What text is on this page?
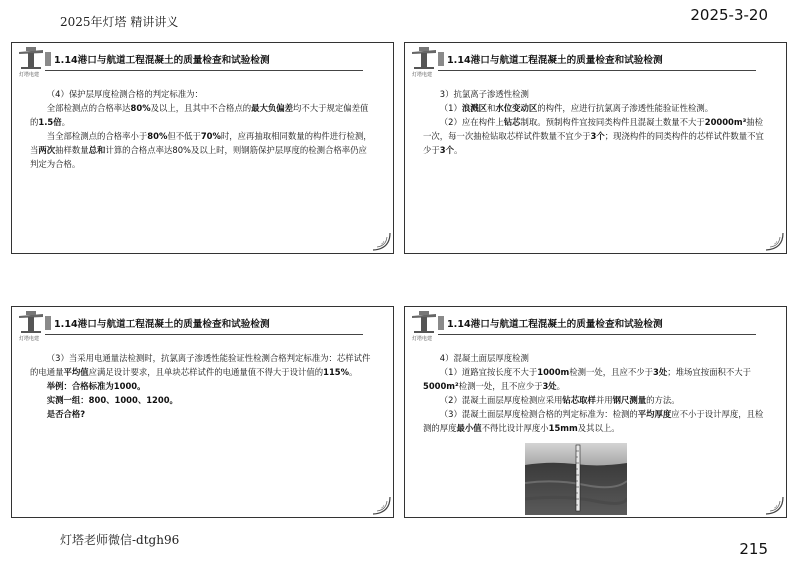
2025年灯塔 精讲讲义	2025-3-20
灯塔电建
1.14港口与航道工程混凝土的质量检查和试验检测

（4）保护层厚度检测合格的判定标准为：

全部检测点的合格率达80%及以上，且其中不合格点的最大负偏差均不大于规定偏差值的1.5倍。

当全部检测点的合格率小于80%但不低于70%时，应再抽取相同数量的构件进行检测，当两次抽样数量总和计算的合格点率达80%及以上时，则钢筋保护层厚度的检测合格率仍应判定为合格。

灯塔电建
1.14港口与航道工程混凝土的质量检查和试验检测

3）抗氯离子渗透性检测

（1）浪溅区和水位变动区的构件，应进行抗氯离子渗透性能验证性检测。

（2）应在构件上钻芯制取。预制构件宜按同类构件且混凝土数量不大于20000m³抽检一次，每一次抽检钻取芯样试件数量不宜少于3个；现浇构件的同类构件的芯样试件数量不宜少于3个。

灯塔电建
1.14港口与航道工程混凝土的质量检查和试验检测

（3）当采用电通量法检测时，抗氯离子渗透性能验证性检测合格判定标准为：芯样试件的电通量平均值应满足设计要求，且单块芯样试件的电通量值不得大于设计值的115%。

举例：合格标准为1000。

实测一组：800、1000、1200。

是否合格?

灯塔电建
1.14港口与航道工程混凝土的质量检查和试验检测

4）混凝土面层厚度检测

（1）道路宜按长度不大于1000m检测一处，且应不少于3处；堆场宜按面积不大于5000m²检测一处，且不应少于3处。

（2）混凝土面层厚度检测应采用钻芯取样并用钢尺测量的方法。

（3）混凝土面层厚度检测合格的判定标准为：检测的平均厚度应不小于设计厚度，且检测的厚度最小值不得比设计厚度小15mm及其以上。

灯塔老师微信-dtgh96	215
